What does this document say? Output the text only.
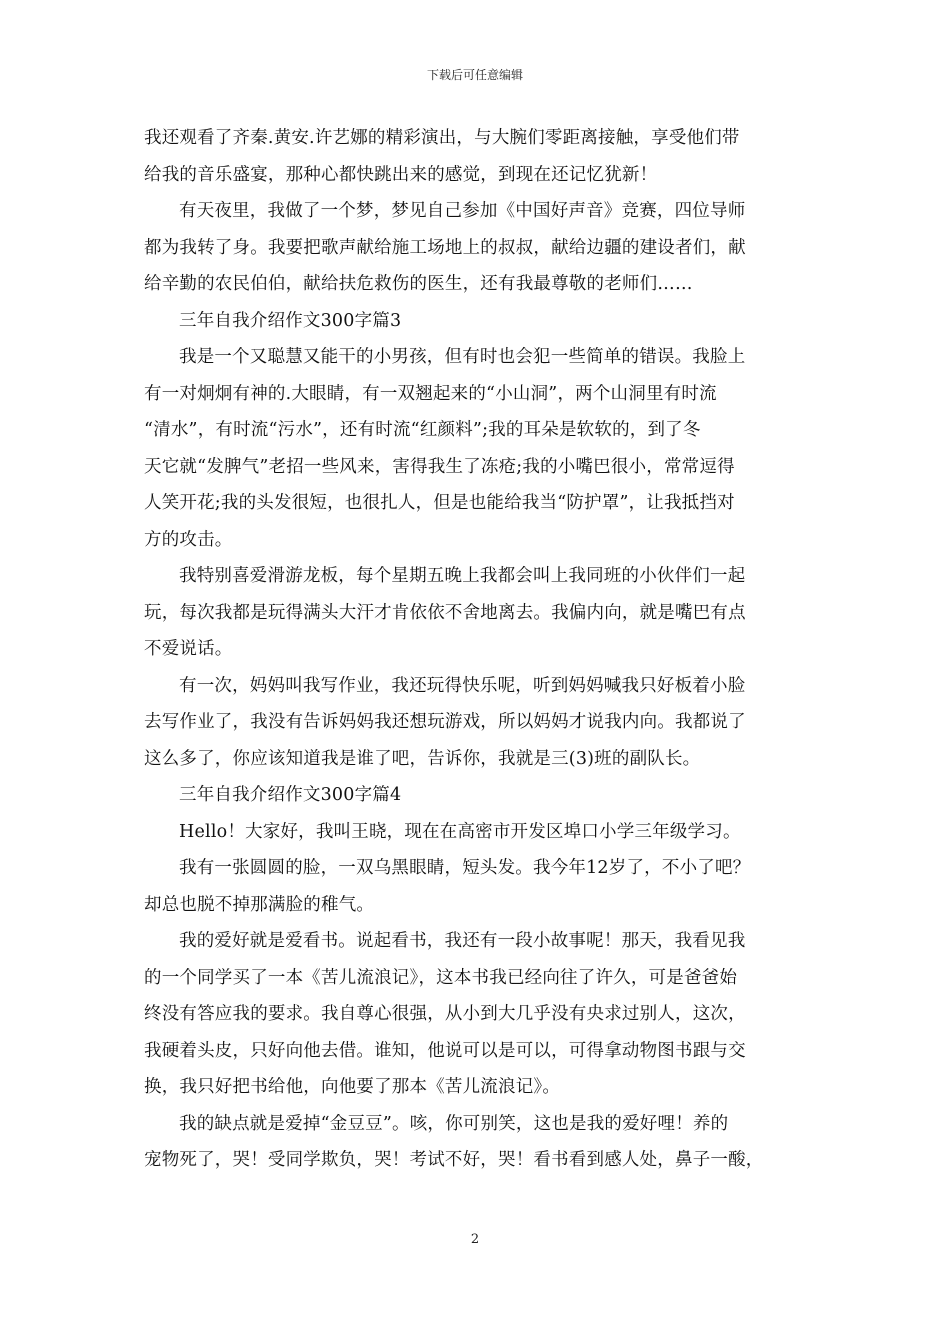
下载后可任意编辑
我还观看了齐秦.黄安.许艺娜的精彩演出，与大腕们零距离接触，享受他们带
给我的音乐盛宴，那种心都快跳出来的感觉，到现在还记忆犹新！
有天夜里，我做了一个梦，梦见自己参加《中国好声音》竞赛，四位导师
都为我转了身。我要把歌声献给施工场地上的叔叔，献给边疆的建设者们，献
给辛勤的农民伯伯，献给扶危救伤的医生，还有我最尊敬的老师们……
三年自我介绍作文300字篇3
我是一个又聪慧又能干的小男孩，但有时也会犯一些简单的错误。我脸上
有一对炯炯有神的.大眼睛，有一双翘起来的“小山洞”，两个山洞里有时流
“清水”，有时流“污水”，还有时流“红颜料”;我的耳朵是软软的，到了冬
天它就“发脾气”老招一些风来，害得我生了冻疮;我的小嘴巴很小，常常逗得
人笑开花;我的头发很短，也很扎人，但是也能给我当“防护罩”，让我抵挡对
方的攻击。
我特别喜爱滑游龙板，每个星期五晚上我都会叫上我同班的小伙伴们一起
玩，每次我都是玩得满头大汗才肯依依不舍地离去。我偏内向，就是嘴巴有点
不爱说话。
有一次，妈妈叫我写作业，我还玩得快乐呢，听到妈妈喊我只好板着小脸
去写作业了，我没有告诉妈妈我还想玩游戏，所以妈妈才说我内向。我都说了
这么多了，你应该知道我是谁了吧，告诉你，我就是三(3)班的副队长。
三年自我介绍作文300字篇4
Hello！大家好，我叫王晓，现在在高密市开发区埠口小学三年级学习。
我有一张圆圆的脸，一双乌黑眼睛，短头发。我今年12岁了，不小了吧？
却总也脱不掉那满脸的稚气。
我的爱好就是爱看书。说起看书，我还有一段小故事呢！那天，我看见我
的一个同学买了一本《苦儿流浪记》，这本书我已经向往了许久，可是爸爸始
终没有答应我的要求。我自尊心很强，从小到大几乎没有央求过别人，这次，
我硬着头皮，只好向他去借。谁知，他说可以是可以，可得拿动物图书跟与交
换，我只好把书给他，向他要了那本《苦儿流浪记》。
我的缺点就是爱掉“金豆豆”。咳，你可别笑，这也是我的爱好哩！养的
宠物死了，哭！受同学欺负，哭！考试不好，哭！看书看到感人处，鼻子一酸，
2
